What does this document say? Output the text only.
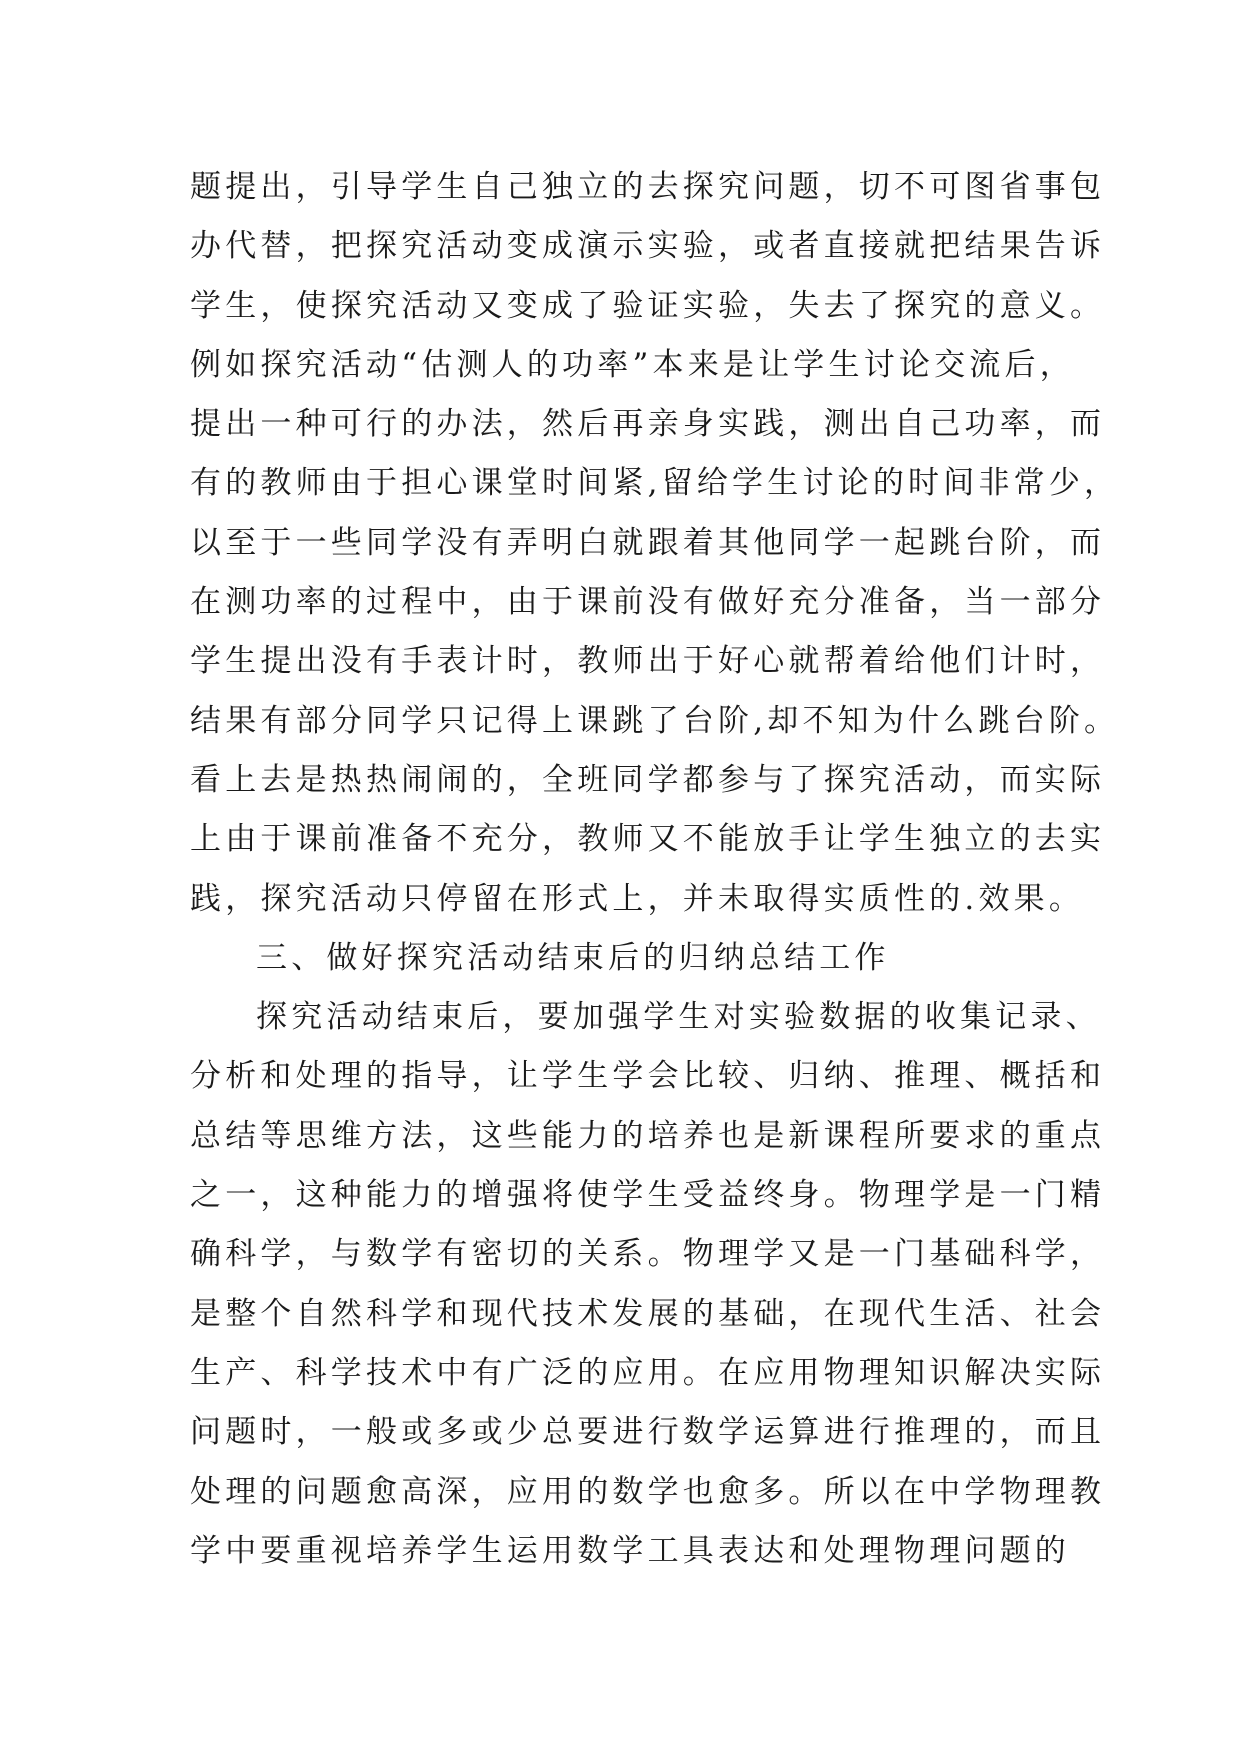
题提出，引导学生自己独立的去探究问题，切不可图省事包
办代替，把探究活动变成演示实验，或者直接就把结果告诉
学生，使探究活动又变成了验证实验，失去了探究的意义。
例如探究活动“估测人的功率”本来是让学生讨论交流后，
提出一种可行的办法，然后再亲身实践，测出自己功率，而
有的教师由于担心课堂时间紧,留给学生讨论的时间非常少，
以至于一些同学没有弄明白就跟着其他同学一起跳台阶，而
在测功率的过程中，由于课前没有做好充分准备，当一部分
学生提出没有手表计时，教师出于好心就帮着给他们计时，
结果有部分同学只记得上课跳了台阶,却不知为什么跳台阶。
看上去是热热闹闹的，全班同学都参与了探究活动，而实际
上由于课前准备不充分，教师又不能放手让学生独立的去实
践，探究活动只停留在形式上，并未取得实质性的.效果。
三、做好探究活动结束后的归纳总结工作
探究活动结束后，要加强学生对实验数据的收集记录、
分析和处理的指导，让学生学会比较、归纳、推理、概括和
总结等思维方法，这些能力的培养也是新课程所要求的重点
之一，这种能力的增强将使学生受益终身。物理学是一门精
确科学，与数学有密切的关系。物理学又是一门基础科学，
是整个自然科学和现代技术发展的基础，在现代生活、社会
生产、科学技术中有广泛的应用。在应用物理知识解决实际
问题时，一般或多或少总要进行数学运算进行推理的，而且
处理的问题愈高深，应用的数学也愈多。所以在中学物理教
学中要重视培养学生运用数学工具表达和处理物理问题的
